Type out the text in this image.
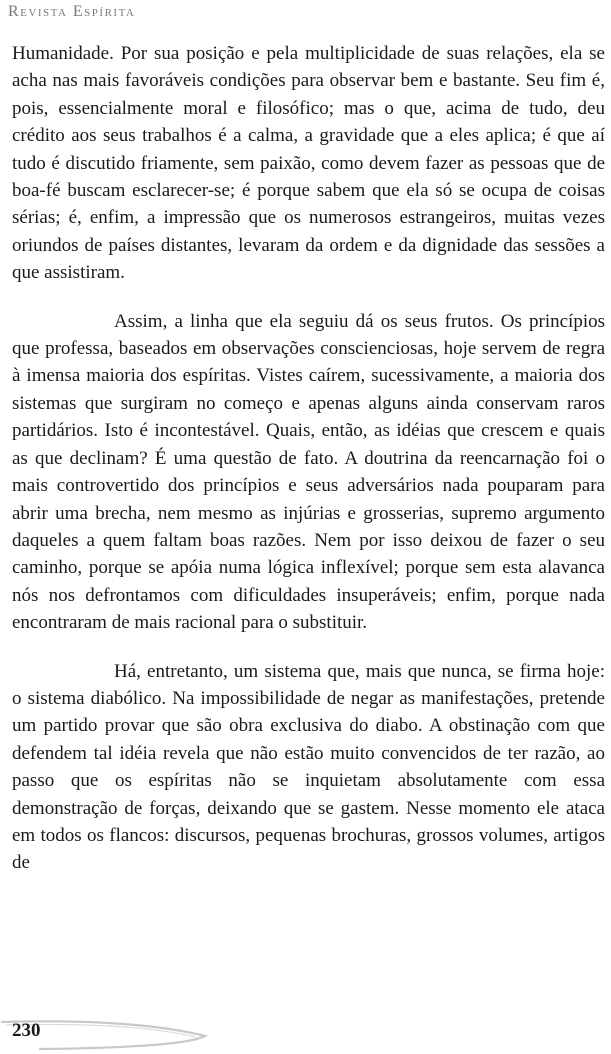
Revista Espírita

Humanidade. Por sua posição e pela multiplicidade de suas relações, ela se acha nas mais favoráveis condições para observar bem e bastante. Seu fim é, pois, essencialmente moral e filosófico; mas o que, acima de tudo, deu crédito aos seus trabalhos é a calma, a gravidade que a eles aplica; é que aí tudo é discutido friamente, sem paixão, como devem fazer as pessoas que de boa-fé buscam esclarecer-se; é porque sabem que ela só se ocupa de coisas sérias; é, enfim, a impressão que os numerosos estrangeiros, muitas vezes oriundos de países distantes, levaram da ordem e da dignidade das sessões a que assistiram.

Assim, a linha que ela seguiu dá os seus frutos. Os princípios que professa, baseados em observações conscienciosas, hoje servem de regra à imensa maioria dos espíritas. Vistes caírem, sucessivamente, a maioria dos sistemas que surgiram no começo e apenas alguns ainda conservam raros partidários. Isto é incontestável. Quais, então, as idéias que crescem e quais as que declinam? É uma questão de fato. A doutrina da reencarnação foi o mais controvertido dos princípios e seus adversários nada pouparam para abrir uma brecha, nem mesmo as injúrias e grosserias, supremo argumento daqueles a quem faltam boas razões. Nem por isso deixou de fazer o seu caminho, porque se apóia numa lógica inflexível; porque sem esta alavanca nós nos defrontamos com dificuldades insuperáveis; enfim, porque nada encontraram de mais racional para o substituir.

Há, entretanto, um sistema que, mais que nunca, se firma hoje: o sistema diabólico. Na impossibilidade de negar as manifestações, pretende um partido provar que são obra exclusiva do diabo. A obstinação com que defendem tal idéia revela que não estão muito convencidos de ter razão, ao passo que os espíritas não se inquietam absolutamente com essa demonstração de forças, deixando que se gastem. Nesse momento ele ataca em todos os flancos: discursos, pequenas brochuras, grossos volumes, artigos de

230
